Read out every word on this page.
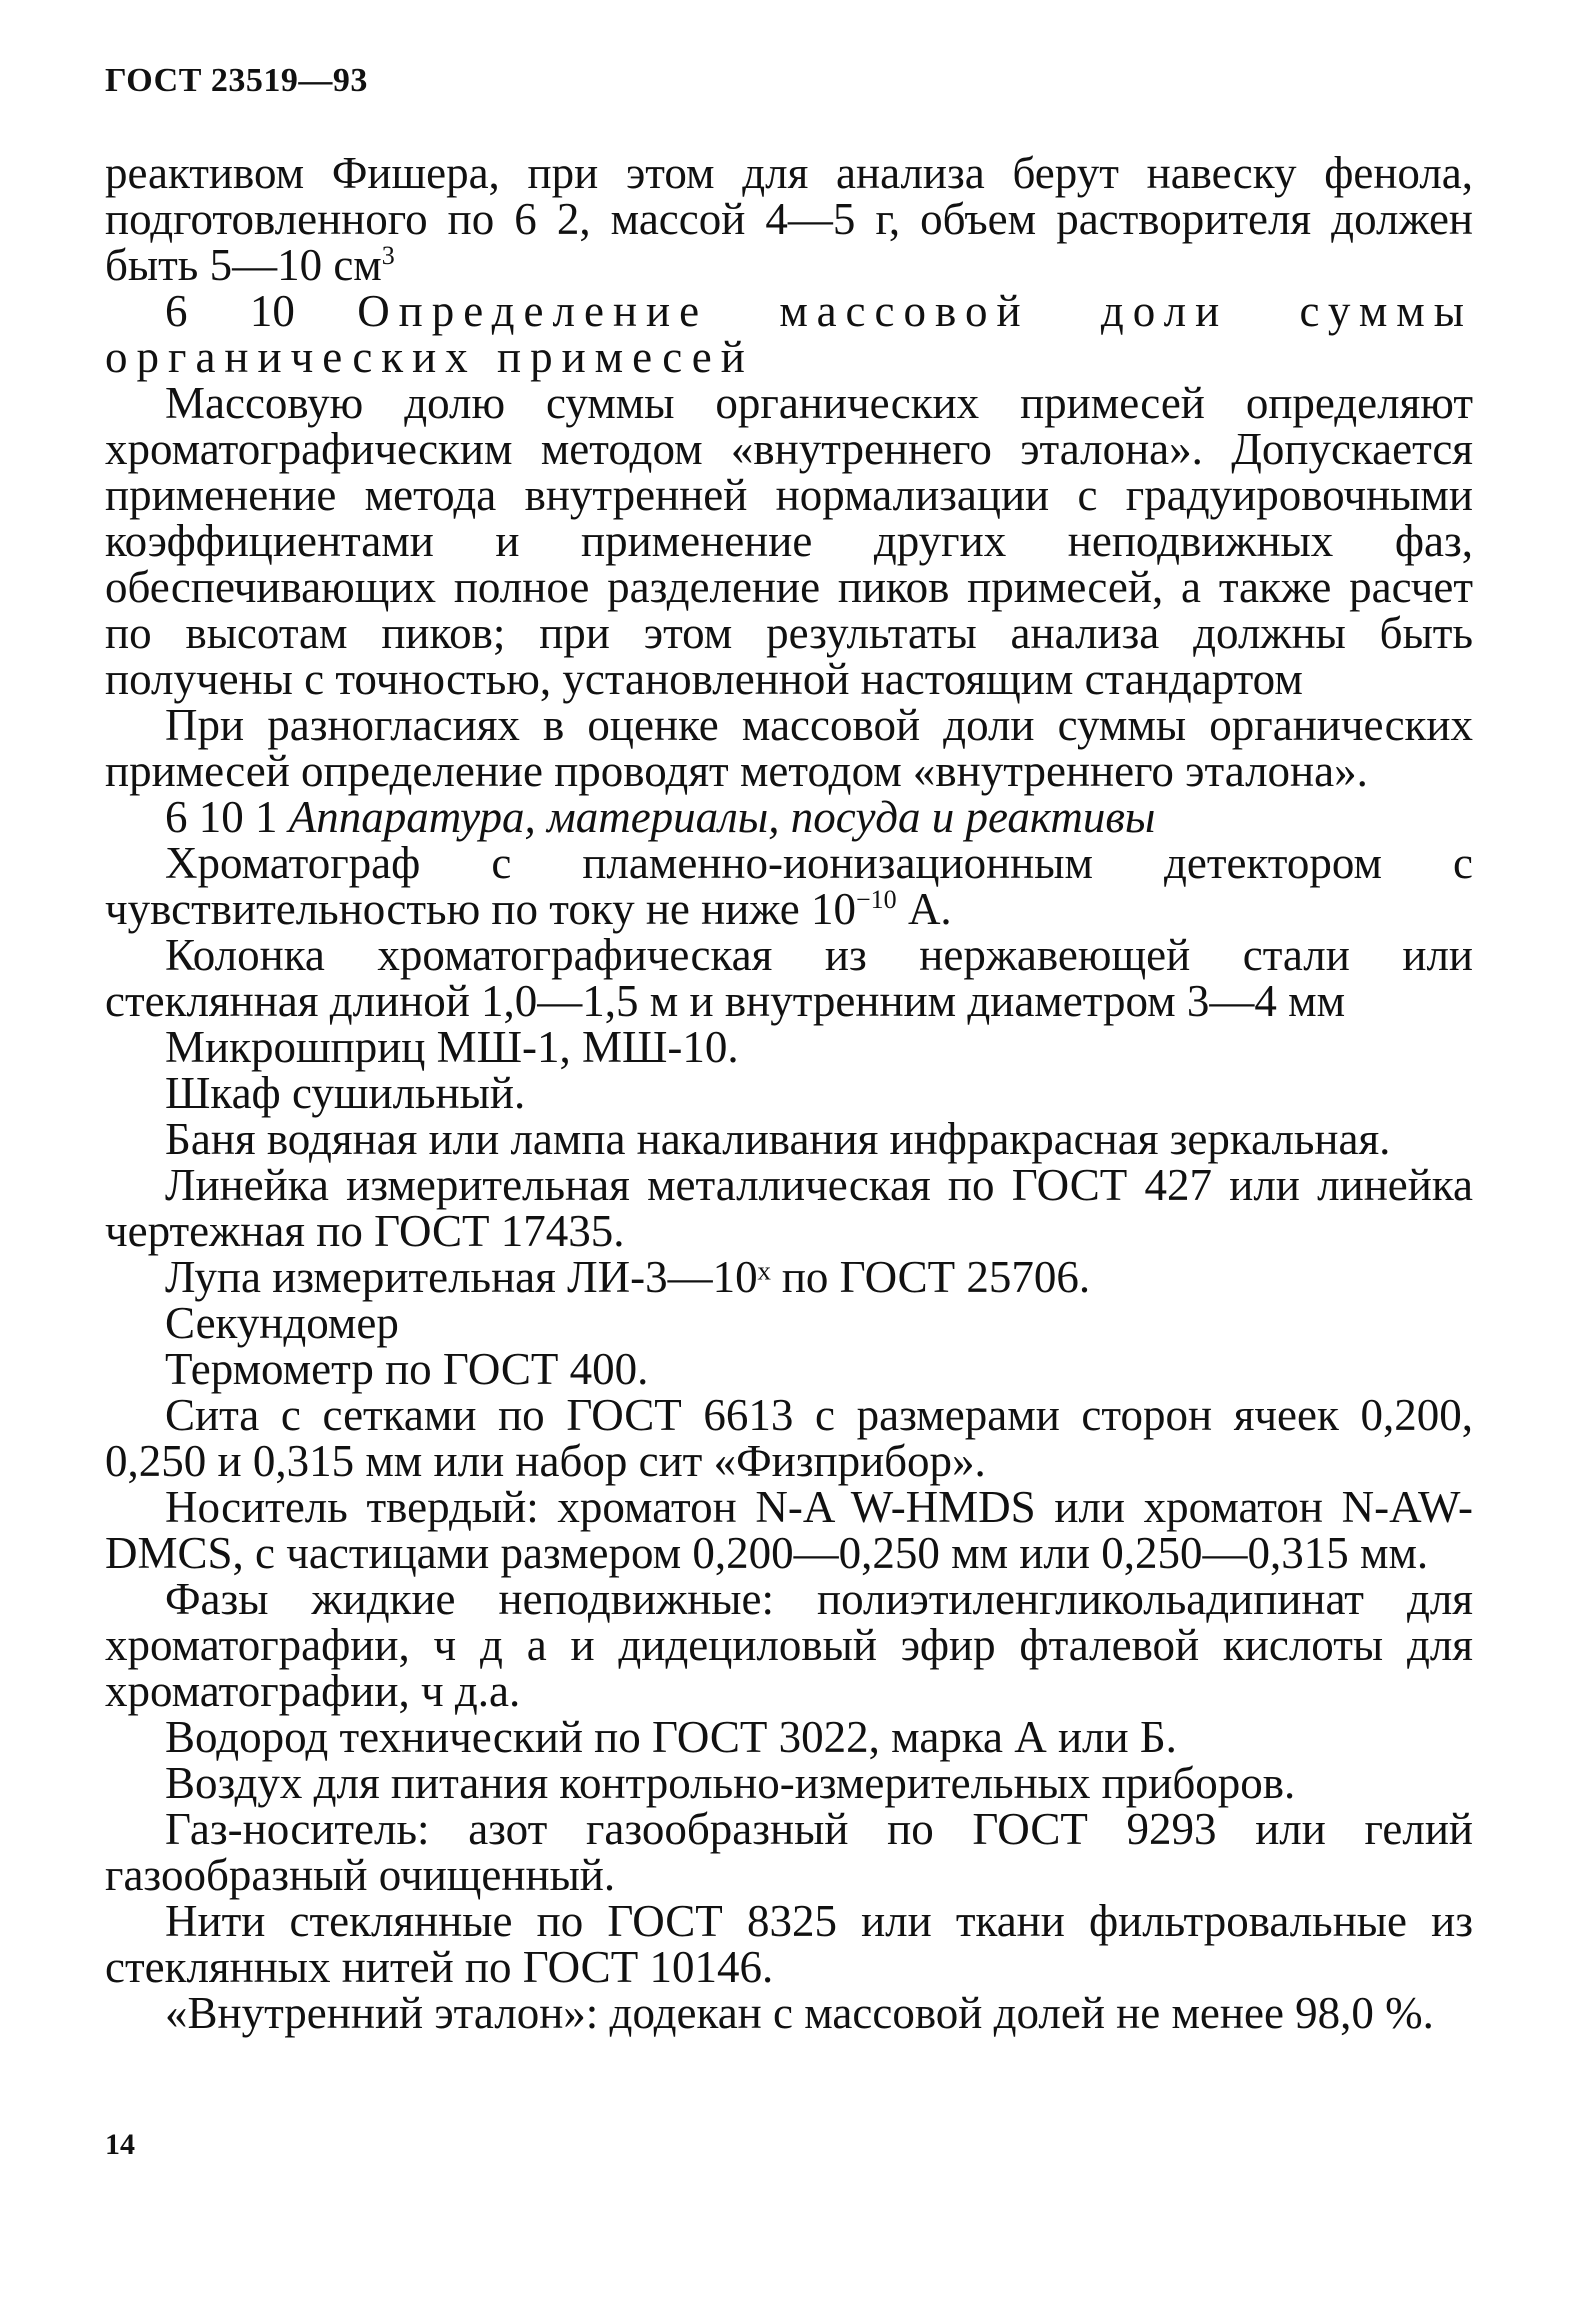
ГОСТ 23519—93

реактивом Фишера, при этом для анализа берут навеску фенола, подготовленного по 6 2, массой 4—5 г, объем растворителя должен быть 5—10 $см^3$

6 10 Определение массовой доли суммы органических примесей

Массовую долю суммы органических примесей определяют хроматографическим методом «внутреннего эталона». Допускается применение метода внутренней нормализации с градуировочными коэффициентами и применение других неподвижных фаз, обеспечивающих полное разделение пиков примесей, а также расчет по высотам пиков; при этом результаты анализа должны быть получены с точностью, установленной настоящим стандартом

При разногласиях в оценке массовой доли суммы органических примесей определение проводят методом «внутреннего эталона».

6 10 1 Аппаратура, материалы, посуда и реактивы

Хроматограф с пламенно-ионизационным детектором с чувствительностью по току не ниже $10^{-10}$ А.

Колонка хроматографическая из нержавеющей стали или стеклянная длиной 1,0—1,5 м и внутренним диаметром 3—4 мм

Микрошприц МШ-1, МШ-10.

Шкаф сушильный.

Баня водяная или лампа накаливания инфракрасная зеркальная.

Линейка измерительная металлическая по ГОСТ 427 или линейка чертежная по ГОСТ 17435.

Лупа измерительная ЛИ-3—10ˣ по ГОСТ 25706.

Секундомер

Термометр по ГОСТ 400.

Сита с сетками по ГОСТ 6613 с размерами сторон ячеек 0,200, 0,250 и 0,315 мм или набор сит «Физприбор».

Носитель твердый: хроматон N-A W-HMDS или хроматон N-AW-DMCS, с частицами размером 0,200—0,250 мм или 0,250—0,315 мм.

Фазы жидкие неподвижные: полиэтиленгликольадипинат для хроматографии, ч д а и дидециловый эфир фталевой кислоты для хроматографии, ч д.а.

Водород технический по ГОСТ 3022, марка А или Б.

Воздух для питания контрольно-измерительных приборов.

Газ-носитель: азот газообразный по ГОСТ 9293 или гелий газообразный очищенный.

Нити стеклянные по ГОСТ 8325 или ткани фильтровальные из стеклянных нитей по ГОСТ 10146.

«Внутренний эталон»: додекан с массовой долей не менее 98,0 %.

14
